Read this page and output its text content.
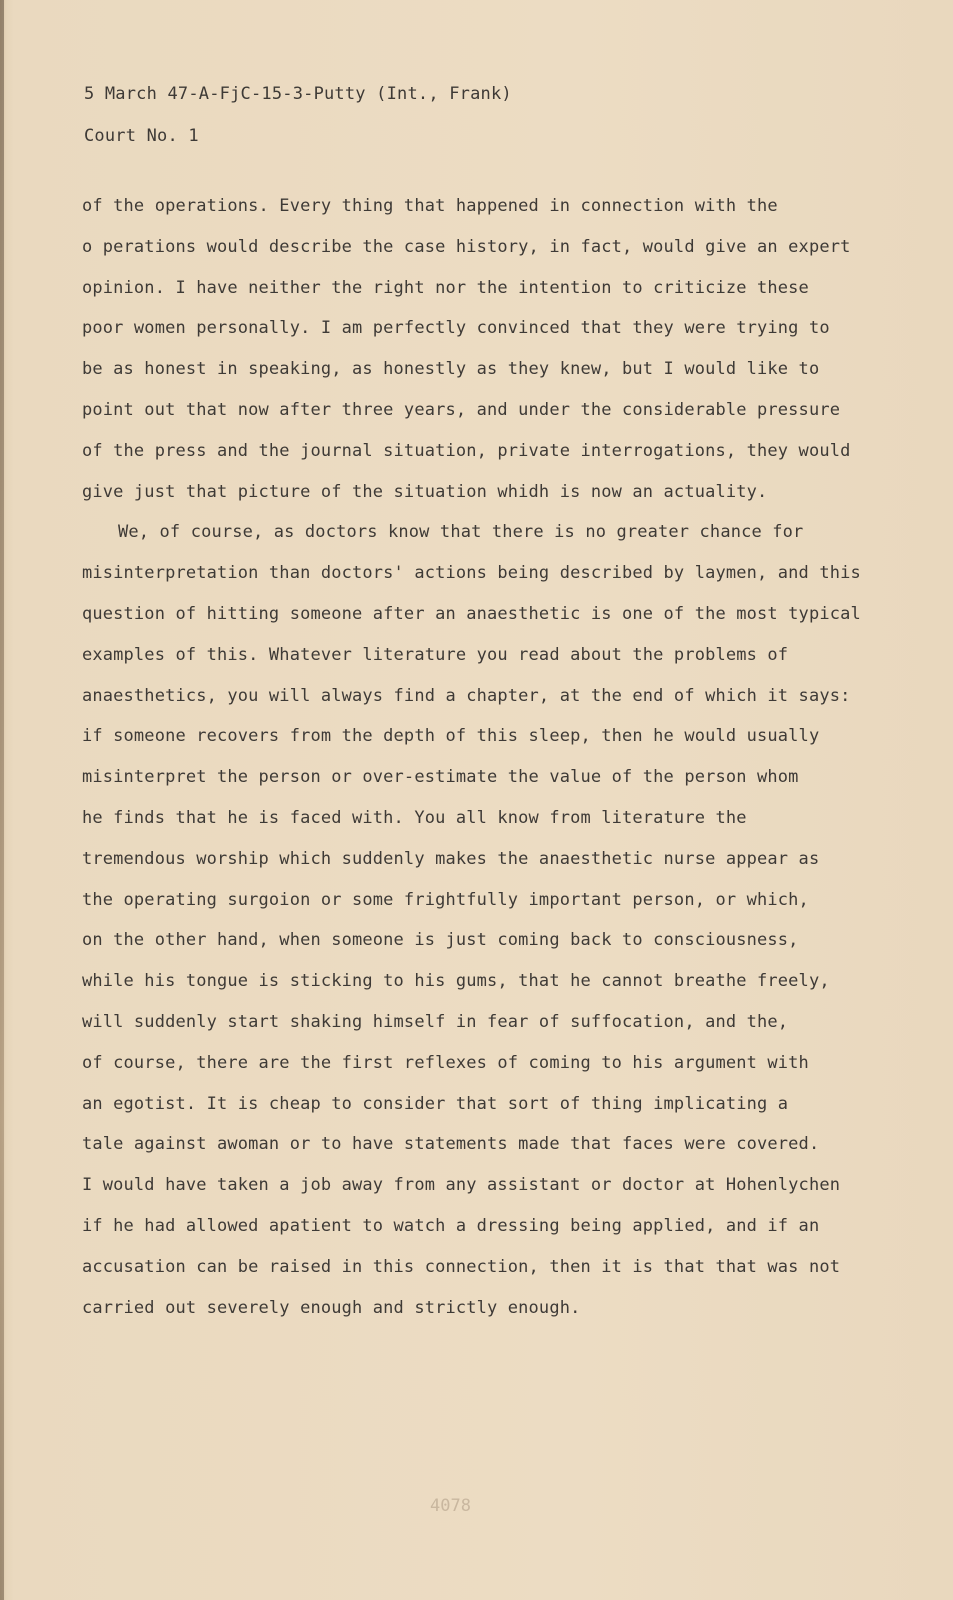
5 March 47-A-FjC-15-3-Putty (Int., Frank)
Court No. 1
of the operations. Every thing that happened in connection with the
o perations would describe the case history, in fact, would give an expert
opinion. I have neither the right nor the intention to criticize these
poor women personally. I am perfectly convinced that they were trying to
be as honest in speaking, as honestly as they knew, but I would like to
point out that now after three years, and under the considerable pressure
of the press and the journal situation, private interrogations, they would
give just that picture of the situation whidh is now an actuality.
We, of course, as doctors know that there is no greater chance for
misinterpretation than doctors' actions being described by laymen, and this
question of hitting someone after an anaesthetic is one of the most typical
examples of this. Whatever literature you read about the problems of
anaesthetics, you will always find a chapter, at the end of which it says:
if someone recovers from the depth of this sleep, then he would usually
misinterpret the person or over-estimate the value of the person whom
he finds that he is faced with. You all know from literature the
tremendous worship which suddenly makes the anaesthetic nurse appear as
the operating surgoion or some frightfully important person, or which,
on the other hand, when someone is just coming back to consciousness,
while his tongue is sticking to his gums, that he cannot breathe freely,
will suddenly start shaking himself in fear of suffocation, and the,
of course, there are the first reflexes of coming to his argument with
an egotist. It is cheap to consider that sort of thing implicating a
tale against awoman or to have statements made that faces were covered.
I would have taken a job away from any assistant or doctor at Hohenlychen
if he had allowed apatient to watch a dressing being applied, and if an
accusation can be raised in this connection, then it is that that was not
carried out severely enough and strictly enough.
4078
